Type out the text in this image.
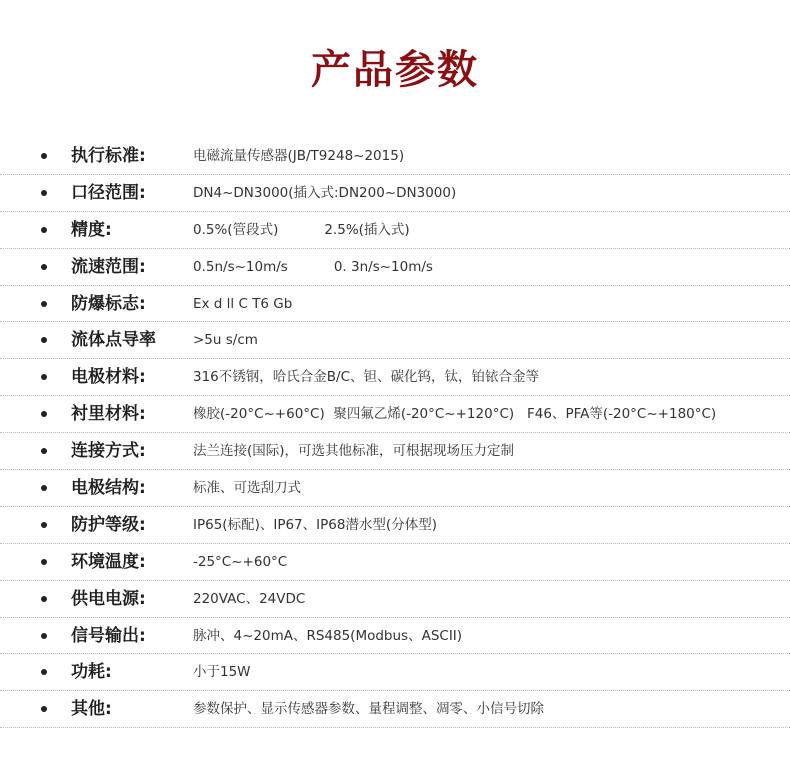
产品参数
执行标准:	电磁流量传感器(JB/T9248~2015)
口径范围:	DN4~DN3000(插入式:DN200~DN3000)
精度:	0.5%(管段式)	2.5%(插入式)
流速范围:	0.5n/s~10m/s	0. 3n/s~10m/s
防爆标志:	Ex d ll C T6 Gb
流体点导率	>5u s/cm
电极材料:	316不锈钢，哈氏合金B/C、钽、碳化钨，钛，铂铱合金等
衬里材料:	橡胶(-20°C~+60°C)  聚四氟乙烯(-20°C~+120°C)   F46、PFA等(-20°C~+180°C)
连接方式:	法兰连接(国际)，可选其他标准，可根据现场压力定制
电极结构:	标准、可选刮刀式
防护等级:	IP65(标配)、IP67、IP68潜水型(分体型)
环境温度:	-25°C~+60°C
供电电源:	220VAC、24VDC
信号输出:	脉冲、4~20mA、RS485(Modbus、ASCII)
功耗:	小于15W
其他:	参数保护、显示传感器参数、量程调整、凋零、小信号切除
